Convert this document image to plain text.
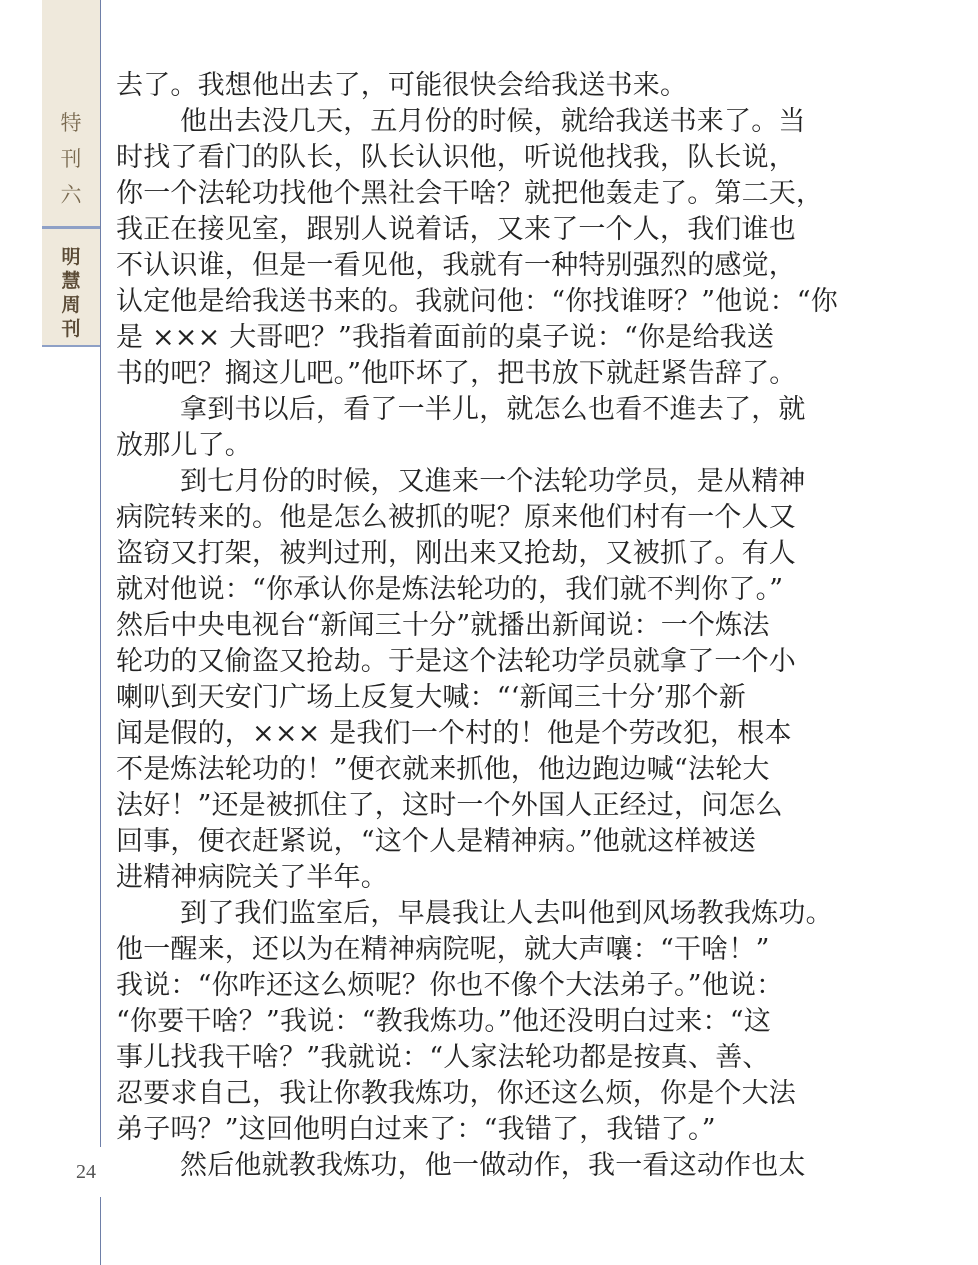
特
刊
六
明
慧
周
刊
24
去了。我想他出去了，可能很快会给我送书来。
他出去没几天，五月份的时候，就给我送书来了。当
时找了看门的队长，队长认识他，听说他找我，队长说，
你一个法轮功找他个黑社会干啥？就把他轰走了。第二天，
我正在接见室，跟别人说着话，又来了一个人，我们谁也
不认识谁，但是一看见他，我就有一种特别强烈的感觉，
认定他是给我送书来的。我就问他：“你找谁呀？”他说：“你
是 ××× 大哥吧？”我指着面前的桌子说：“你是给我送
书的吧？搁这儿吧。”他吓坏了，把书放下就赶紧告辞了。
拿到书以后，看了一半儿，就怎么也看不進去了，就
放那儿了。
到七月份的时候，又進来一个法轮功学员，是从精神
病院转来的。他是怎么被抓的呢？原来他们村有一个人又
盗窃又打架，被判过刑，刚出来又抢劫，又被抓了。有人
就对他说：“你承认你是炼法轮功的，我们就不判你了。”
然后中央电视台“新闻三十分”就播出新闻说：一个炼法
轮功的又偷盗又抢劫。于是这个法轮功学员就拿了一个小
喇叭到天安门广场上反复大喊：“‘新闻三十分’那个新
闻是假的，××× 是我们一个村的！他是个劳改犯，根本
不是炼法轮功的！”便衣就来抓他，他边跑边喊“法轮大
法好！”还是被抓住了，这时一个外国人正经过，问怎么
回事，便衣赶紧说，“这个人是精神病。”他就这样被送
进精神病院关了半年。
到了我们监室后，早晨我让人去叫他到风场教我炼功。
他一醒来，还以为在精神病院呢，就大声嚷：“干啥！”
我说：“你咋还这么烦呢？你也不像个大法弟子。”他说：
“你要干啥？”我说：“教我炼功。”他还没明白过来：“这
事儿找我干啥？”我就说：“人家法轮功都是按真、善、
忍要求自己，我让你教我炼功，你还这么烦，你是个大法
弟子吗？”这回他明白过来了：“我错了，我错了。”
然后他就教我炼功，他一做动作，我一看这动作也太
